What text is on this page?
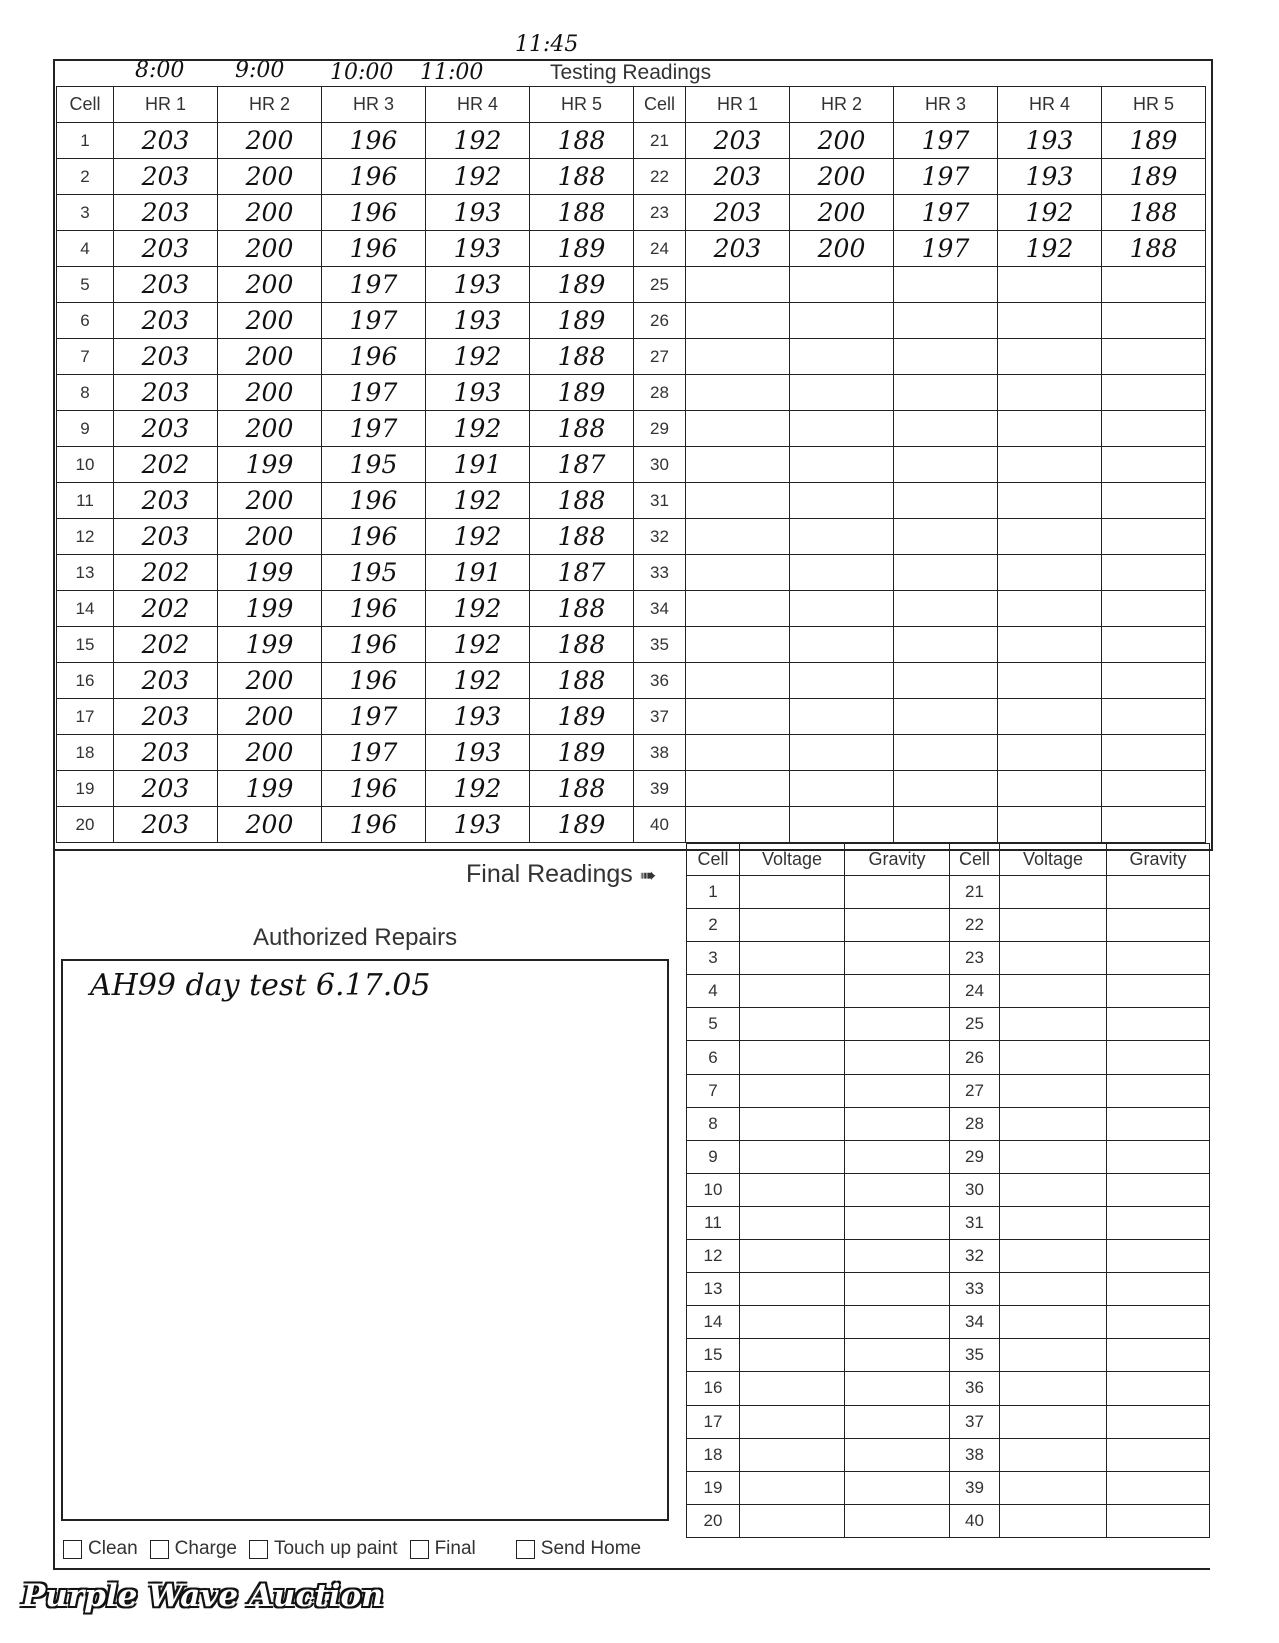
11:45
8:00 9:00 10:00 11:00	Testing Readings
Cell	HR 1	HR 2	HR 3	HR 4	HR 5	Cell	HR 1	HR 2	HR 3	HR 4	HR 5
1	203	200	196	192	188	21	203	200	197	193	189
2	203	200	196	192	188	22	203	200	197	193	189
3	203	200	196	193	188	23	203	200	197	192	188
4	203	200	196	193	189	24	203	200	197	192	188
5	203	200	197	193	189	25					
6	203	200	197	193	189	26					
7	203	200	196	192	188	27					
8	203	200	197	193	189	28					
9	203	200	197	192	188	29					
10	202	199	195	191	187	30					
11	203	200	196	192	188	31					
12	203	200	196	192	188	32					
13	202	199	195	191	187	33					
14	202	199	196	192	188	34					
15	202	199	196	192	188	35					
16	203	200	196	192	188	36					
17	203	200	197	193	189	37					
18	203	200	197	193	189	38					
19	203	199	196	192	188	39					
20	203	200	196	193	189	40					
Final Readings ➠
Cell	Voltage	Gravity	Cell	Voltage	Gravity
1			21		
2			22		
3			23		
4			24		
5			25		
6			26		
7			27		
8			28		
9			29		
10			30		
11			31		
12			32		
13			33		
14			34		
15			35		
16			36		
17			37		
18			38		
19			39		
20			40		
Authorized Repairs
AH99 day test 6.17.05
Clean Charge Touch up paint Final	Send Home
Purple Wave Auction
